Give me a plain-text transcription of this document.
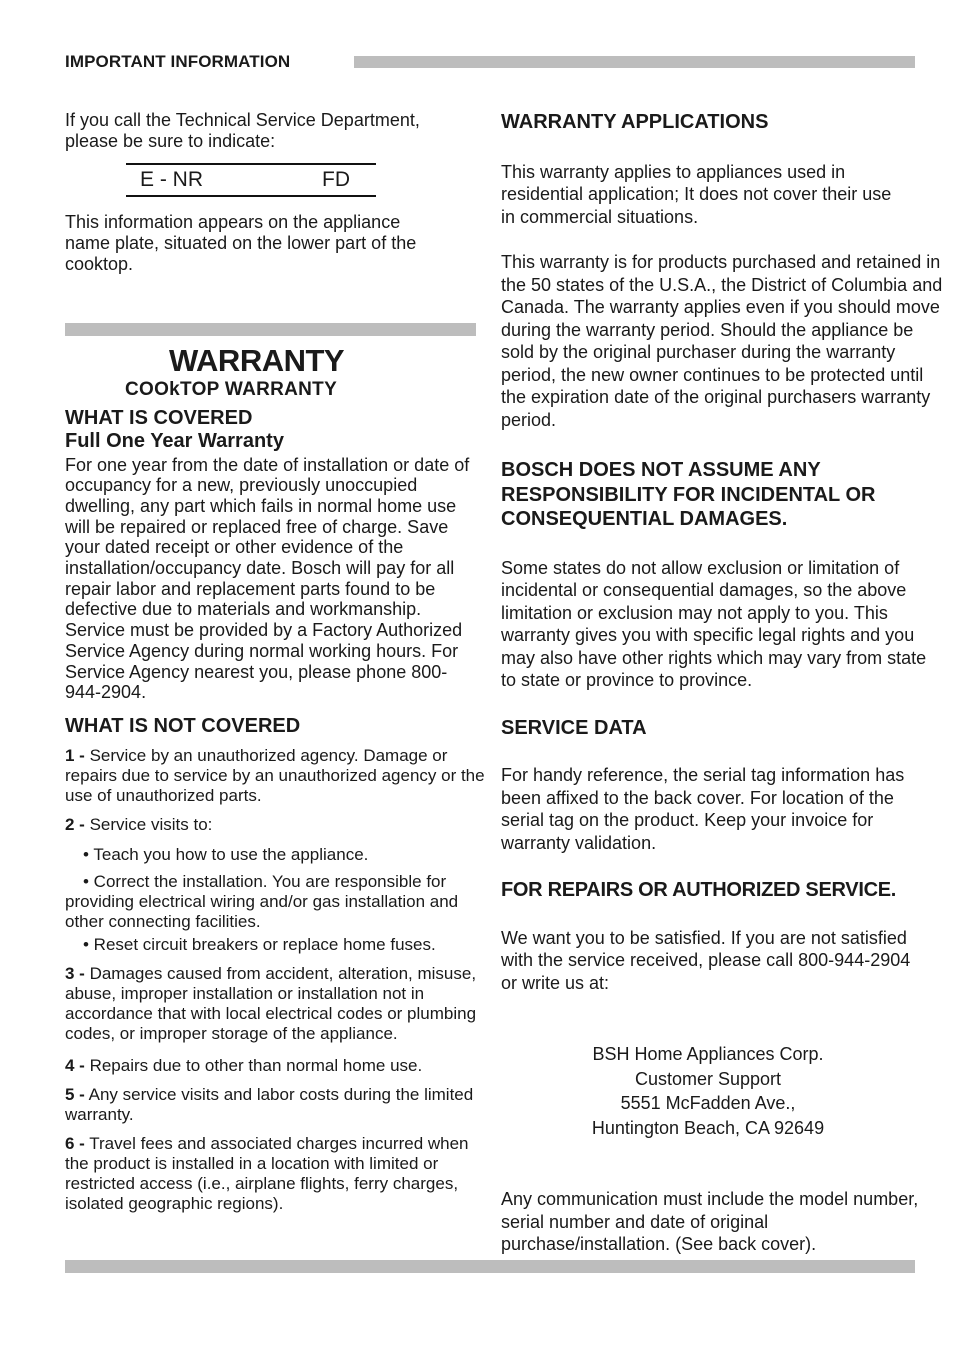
IMPORTANT INFORMATION

If you call the Technical Service Department, please be sure to indicate:

E - NR	FD

This information appears on the appliance name plate, situated on the lower part of the cooktop.

WARRANTY
COOkTOP WARRANTY
WHAT IS COVERED
Full One Year Warranty

For one year from the date of installation or date of occupancy for a new, previously unoccupied dwelling, any part which fails in normal home use will be repaired or replaced free of charge. Save your dated receipt or other evidence of the installation/occupancy date. Bosch will pay for all repair labor and replacement parts found to be defective due to materials and workmanship. Service must be provided by a Factory Authorized Service Agency during normal working hours. For Service Agency nearest you, please phone 800-944-2904.

WHAT IS NOT COVERED

1 - Service by an unauthorized agency. Damage or repairs due to service by an unauthorized agency or the use of unauthorized parts.

2 - Service visits to:

• Teach you how to use the appliance.

• Correct the installation. You are responsible for providing electrical wiring and/or gas installation and other connecting facilities.

• Reset circuit breakers or replace home fuses.

3 - Damages caused from accident, alteration, misuse, abuse, improper installation or installation not in accordance that with local electrical codes or plumbing codes, or improper storage of the appliance.

4 - Repairs due to other than normal home use.

5 - Any service visits and labor costs during the limited warranty.

6 - Travel fees and associated charges incurred when the product is installed in a location with limited or restricted access (i.e., airplane flights, ferry charges, isolated geographic regions).

WARRANTY APPLICATIONS

This warranty applies to appliances used in residential application; It does not cover their use in commercial situations.

This warranty is for products purchased and retained in the 50 states of the U.S.A., the District of Columbia and Canada. The warranty applies even if you should move during the warranty period. Should the appliance be sold by the original purchaser during the warranty period, the new owner continues to be protected until the expiration date of the original purchasers warranty period.

BOSCH DOES NOT ASSUME ANY RESPONSIBILITY FOR INCIDENTAL OR CONSEQUENTIAL DAMAGES.

Some states do not allow exclusion or limitation of incidental or consequential damages, so the above limitation or exclusion may not apply to you. This warranty gives you with specific legal rights and you may also have other rights which may vary from state to state or province to province.

SERVICE DATA

For handy reference, the serial tag information has been affixed to the back cover. For location of the serial tag on the product. Keep your invoice for warranty validation.

FOR REPAIRS OR AUTHORIZED SERVICE.

We want you to be satisfied. If you are not satisfied with the service received, please call 800-944-2904 or write us at:

BSH Home Appliances Corp.
Customer Support
5551 McFadden Ave.,
Huntington Beach, CA 92649

Any communication must include the model number, serial number and date of original purchase/installation. (See back cover).
